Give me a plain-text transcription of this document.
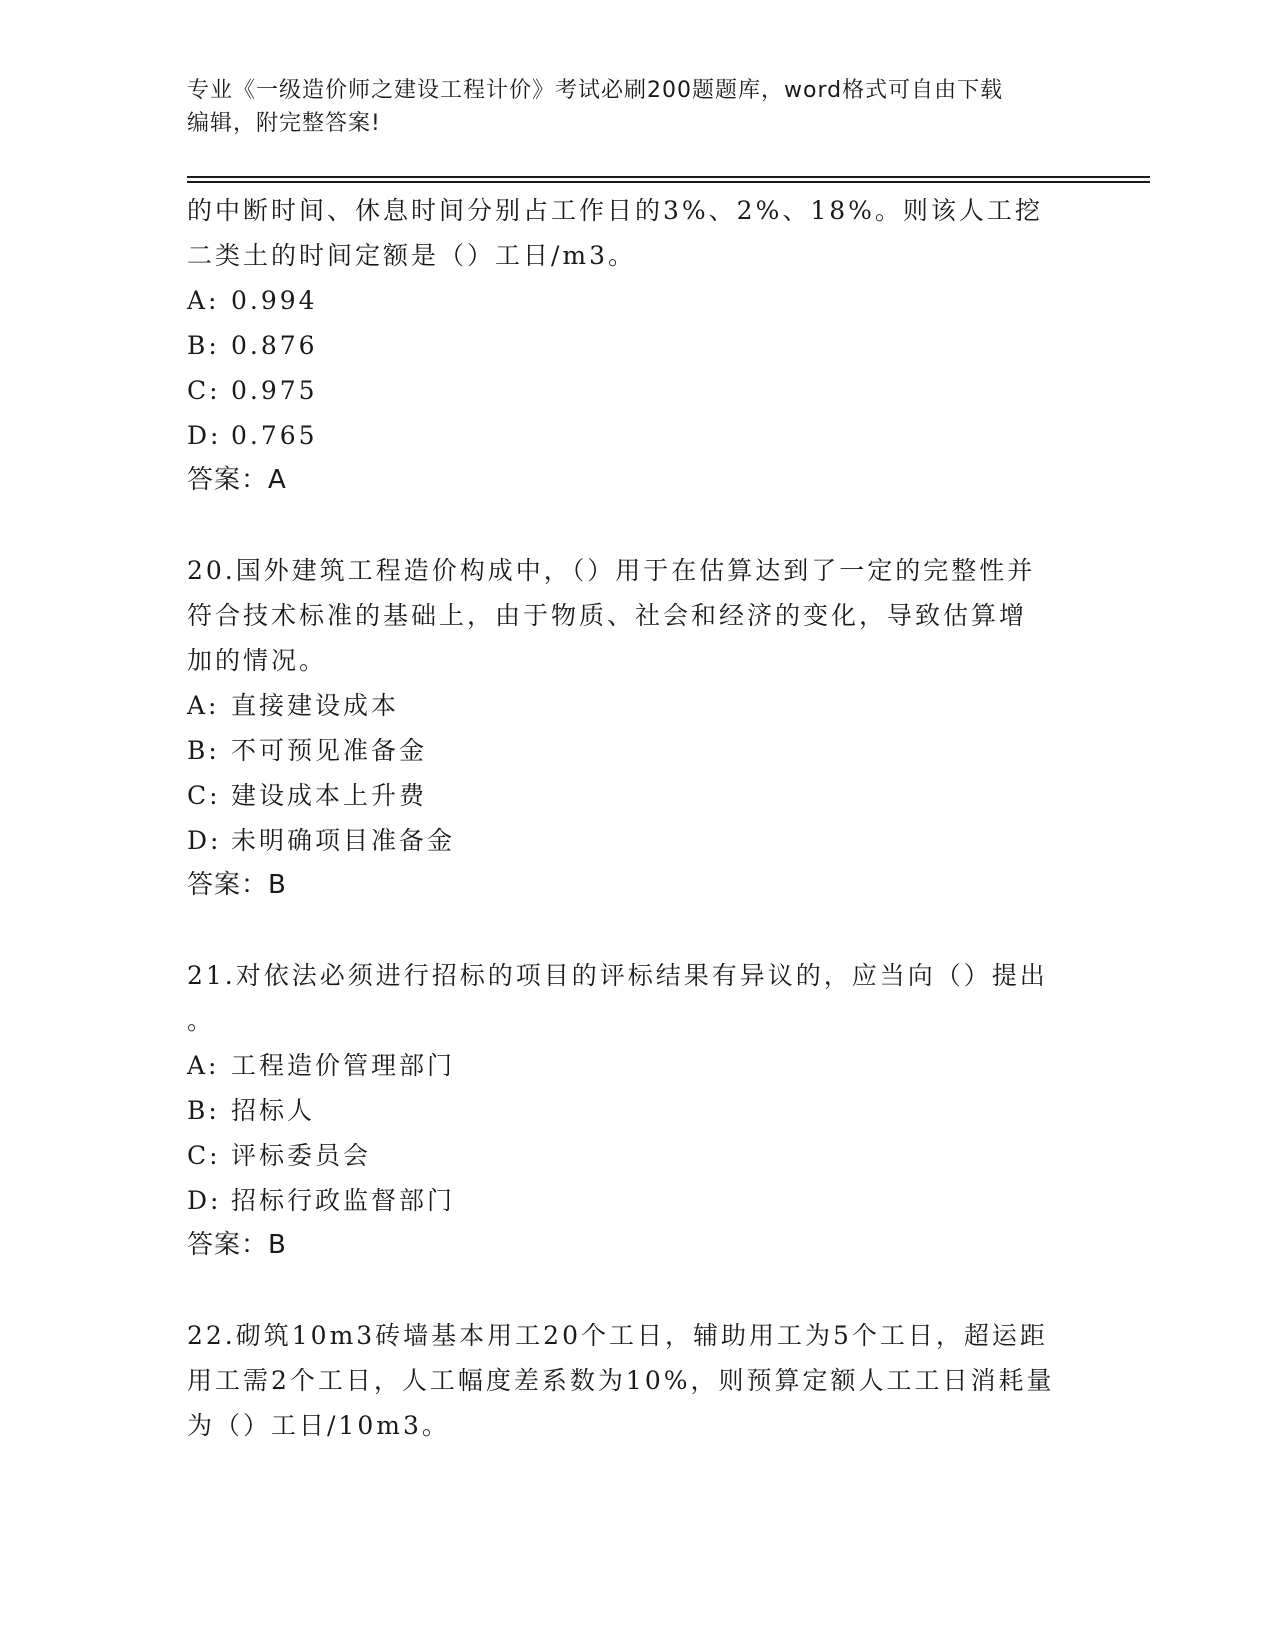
专业《一级造价师之建设工程计价》考试必刷200题题库，word格式可自由下载
编辑，附完整答案!
的中断时间、休息时间分别占工作日的3%、2%、18%。则该人工挖
二类土的时间定额是（）工日/m3。
A: 0.994
B: 0.876
C: 0.975
D: 0.765
答案：A
20.国外建筑工程造价构成中，（）用于在估算达到了一定的完整性并
符合技术标准的基础上，由于物质、社会和经济的变化，导致估算增
加的情况。
A: 直接建设成本
B: 不可预见准备金
C: 建设成本上升费
D: 未明确项目准备金
答案：B
21.对依法必须进行招标的项目的评标结果有异议的，应当向（）提出
。
A: 工程造价管理部门
B: 招标人
C: 评标委员会
D: 招标行政监督部门
答案：B
22.砌筑10m3砖墙基本用工20个工日，辅助用工为5个工日，超运距
用工需2个工日，人工幅度差系数为10%，则预算定额人工工日消耗量
为（）工日/10m3。
